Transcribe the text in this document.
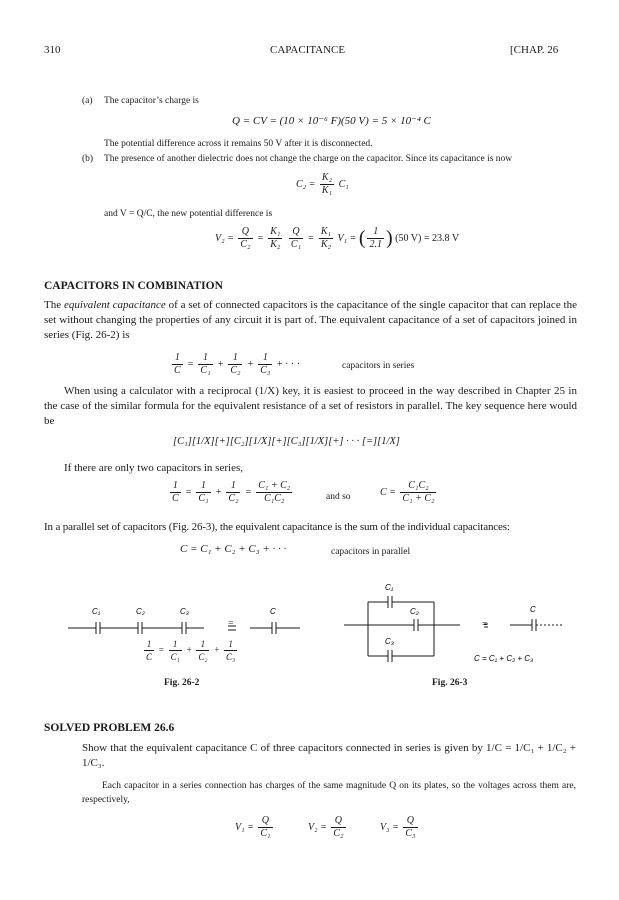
310	CAPACITANCE	[CHAP. 26
(a) The capacitor’s charge is
Q = CV = (10 × 10⁻⁶ F)(50 V) = 5 × 10⁻⁴ C
The potential difference across it remains 50 V after it is disconnected.
(b) The presence of another dielectric does not change the charge on the capacitor. Since its capacitance is now
$C_2 = \frac{\text{K₂}}{\text{K₁}} C_1$
and V = Q/C, the new potential difference is
$V_2 = \frac{Q}{\text{C₂}} = \frac{\text{K₁}}{\text{K₂}}$
$\frac{Q}{\text{C₁}} = \frac{\text{K₁}}{\text{K₂}} V_1$ = ( $\frac{1}{2.1}$ ) (50 V) = 23.8 V
CAPACITORS IN COMBINATION
The equivalent capacitance of a set of connected capacitors is the capacitance of the single capacitor that can replace the set without changing the properties of any circuit it is part of. The equivalent capacitance of a set of capacitors joined in series (Fig. 26-2) is
$\frac{1}{C} = \frac{1}{\text{C₁}} + \frac{1}{\text{C₂}} + \frac{1}{\text{C₃}}$ + · · ·	capacitors in series
When using a calculator with a reciprocal (1/X) key, it is easiest to proceed in the way described in Chapter 25 in the case of the similar formula for the equivalent resistance of a set of resistors in parallel. The key sequence here would be
[C₁][1/X][+][C₂][1/X][+][C₃][1/X][+] · · · [=][1/X]
If there are only two capacitors in series,
$\frac{1}{C} = \frac{1}{\text{C₁}} + \frac{1}{\text{C₂}} = \frac{\text{C₁ + C₂}}{\text{C₁C₂}}$	and so	$C = \frac{\text{C₁C₂}}{\text{C₁ + C₂}}$
In a parallel set of capacitors (Fig. 26-3), the equivalent capacitance is the sum of the individual capacitances:
C = C₁ + C₂ + C₃ + · · ·	capacitors in parallel
C₁	C₂	C₃	C
$\frac{1}{C} = \frac{1}{\text{C₁}} + \frac{1}{\text{C₂}} + \frac{1}{\text{C₃}}$
Fig. 26-2
C₁
C₂
C₃
C
C = C₁ + C₂ + C₃
Fig. 26-3
SOLVED PROBLEM 26.6
Show that the equivalent capacitance C of three capacitors connected in series is given by 1/C = 1/C₁ + 1/C₂ + 1/C₃.
Each capacitor in a series connection has charges of the same magnitude Q on its plates, so the voltages across them are, respectively,
$V_1 = \frac{Q}{\text{C₁}}$	$V_2 = \frac{Q}{\text{C₂}}$	$V_3 = \frac{Q}{\text{C₃}}$
=	=
